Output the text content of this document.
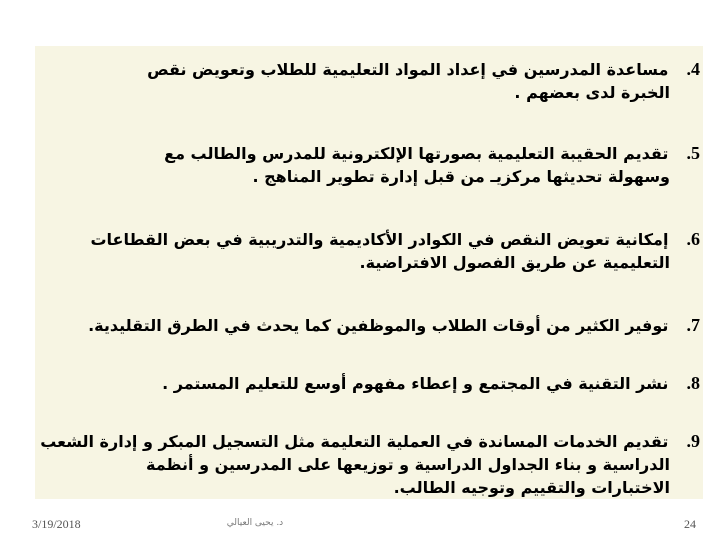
4. مساعدة المدرسين في إعداد المواد التعليمية للطلاب وتعويض نقص
الخبرة لدى بعضهم .
5. تقديم الحقيبة التعليمية بصورتها الإلكترونية للمدرس والطالب مع
وسهولة تحديثها مركزيـ من قبل إدارة تطوير المناهج .
6. إمكانية تعويض النقص في الكوادر الأكاديمية والتدريبية في بعض القطاعات
التعليمية عن طريق الفصول الافتراضية.
7. توفير الكثير من أوقات الطلاب والموظفين كما يحدث في الطرق التقليدية.
8. نشر التقنية في المجتمع و إعطاء مفهوم أوسع للتعليم المستمر .
9. تقديم الخدمات المساندة في العملية التعليمة مثل التسجيل المبكر و إدارة الشعب
الدراسية و بناء الجداول الدراسية و توزيعها على المدرسين و أنظمة
الاختبارات والتقييم وتوجيه الطالب.
3/19/2018	د. يحيى العيالي	24
